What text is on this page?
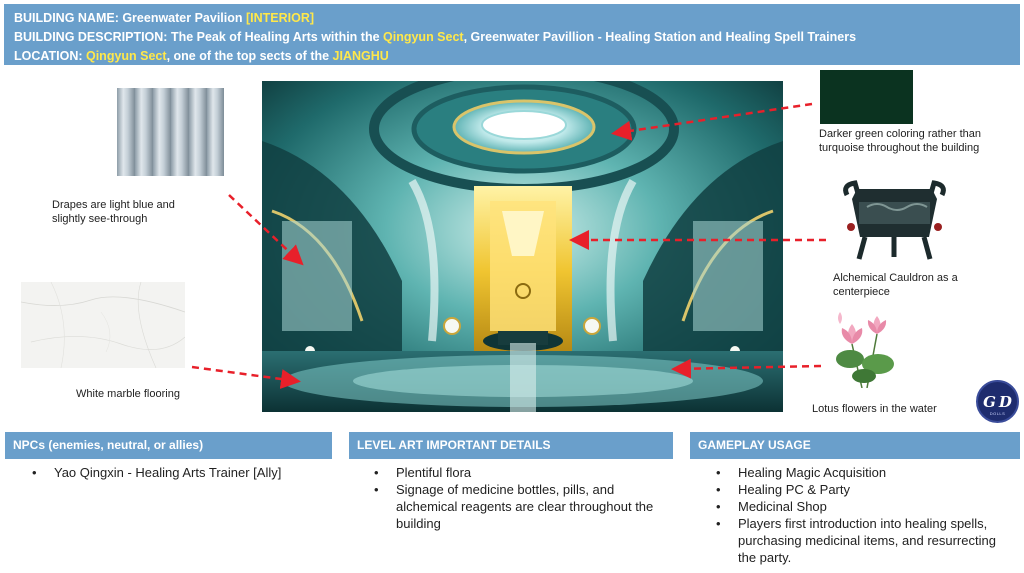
BUILDING NAME: Greenwater Pavilion [INTERIOR]
BUILDING DESCRIPTION: The Peak of Healing Arts within the Qingyun Sect, Greenwater Pavillion - Healing Station and Healing Spell Trainers
LOCATION: Qingyun Sect, one of the top sects of the JIANGHU
G D
DOLLS
Drapes are light blue and slightly see-through
White marble flooring
Darker green coloring rather than turquoise throughout the building
Alchemical Cauldron as a centerpiece
Lotus flowers in the water
NPCs (enemies, neutral, or allies)
• Yao Qingxin - Healing Arts Trainer [Ally]
LEVEL ART IMPORTANT DETAILS
• Plentiful flora
• Signage of medicine bottles, pills, and alchemical reagents are clear throughout the building
GAMEPLAY USAGE
• Healing Magic Acquisition
• Healing PC & Party
• Medicinal Shop
• Players first introduction into healing spells, purchasing medicinal items, and resurrecting the party.
